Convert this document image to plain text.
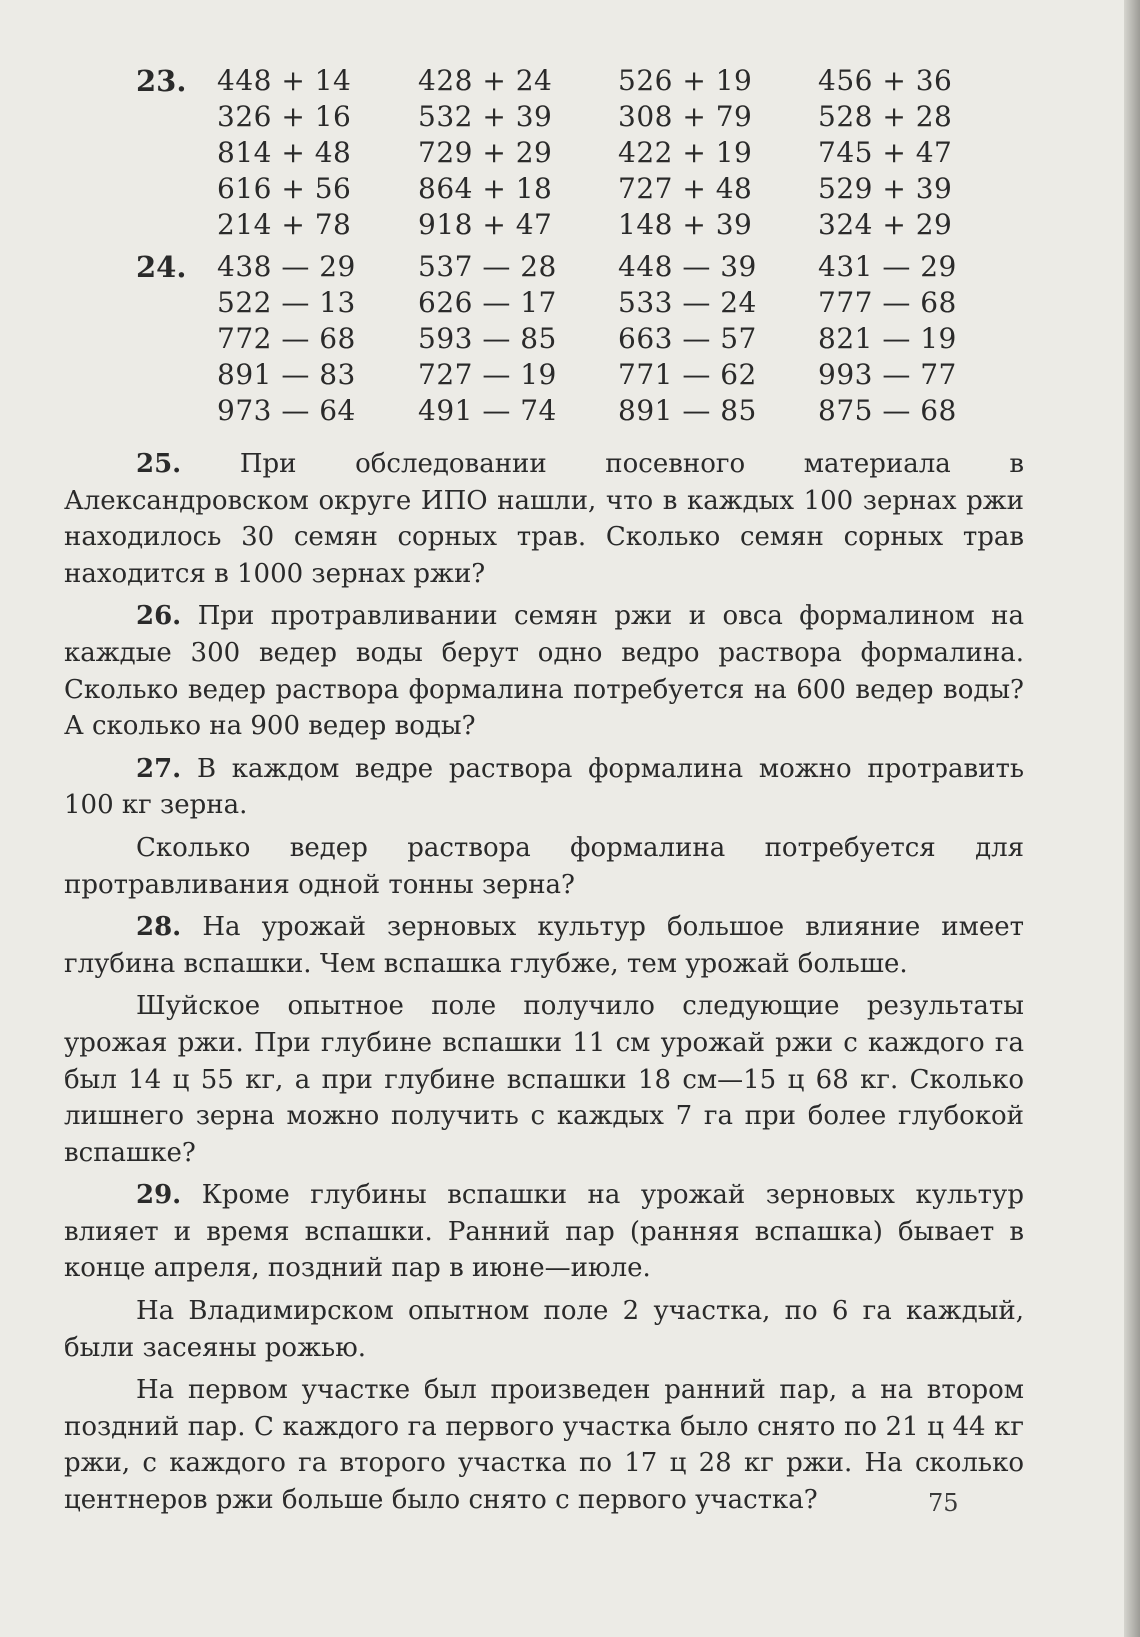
23. 448 + 14 428 + 24 526 + 19 456 + 36
326 + 16 532 + 39 308 + 79 528 + 28
814 + 48 729 + 29 422 + 19 745 + 47
616 + 56 864 + 18 727 + 48 529 + 39
214 + 78 918 + 47 148 + 39 324 + 29
24. 438 — 29 537 — 28 448 — 39 431 — 29
522 — 13 626 — 17 533 — 24 777 — 68
772 — 68 593 — 85 663 — 57 821 — 19
891 — 83 727 — 19 771 — 62 993 — 77
973 — 64 491 — 74 891 — 85 875 — 68

25. При обследовании посевного материала в Александровском округе ИПО нашли, что в каждых 100 зернах ржи находилось 30 семян сорных трав. Сколько семян сорных трав находится в 1000 зернах ржи?

26. При протравливании семян ржи и овса формалином на каждые 300 ведер воды берут одно ведро раствора формалина. Сколько ведер раствора формалина потребуется на 600 ведер воды? А сколько на 900 ведер воды?

27. В каждом ведре раствора формалина можно протравить 100 кг зерна.

Сколько ведер раствора формалина потребуется для протравливания одной тонны зерна?

28. На урожай зерновых культур большое влияние имеет глубина вспашки. Чем вспашка глубже, тем урожай больше.

Шуйское опытное поле получило следующие результаты урожая ржи. При глубине вспашки 11 см урожай ржи с каждого га был 14 ц 55 кг, а при глубине вспашки 18 см—15 ц 68 кг. Сколько лишнего зерна можно получить с каждых 7 га при более глубокой вспашке?

29. Кроме глубины вспашки на урожай зерновых культур влияет и время вспашки. Ранний пар (ранняя вспашка) бывает в конце апреля, поздний пар в июне—июле.

На Владимирском опытном поле 2 участка, по 6 га каждый, были засеяны рожью.

На первом участке был произведен ранний пар, а на втором поздний пар. С каждого га первого участка было снято по 21 ц 44 кг ржи, с каждого га второго участка по 17 ц 28 кг ржи. На сколько центнеров ржи больше было снято с первого участка?	75
